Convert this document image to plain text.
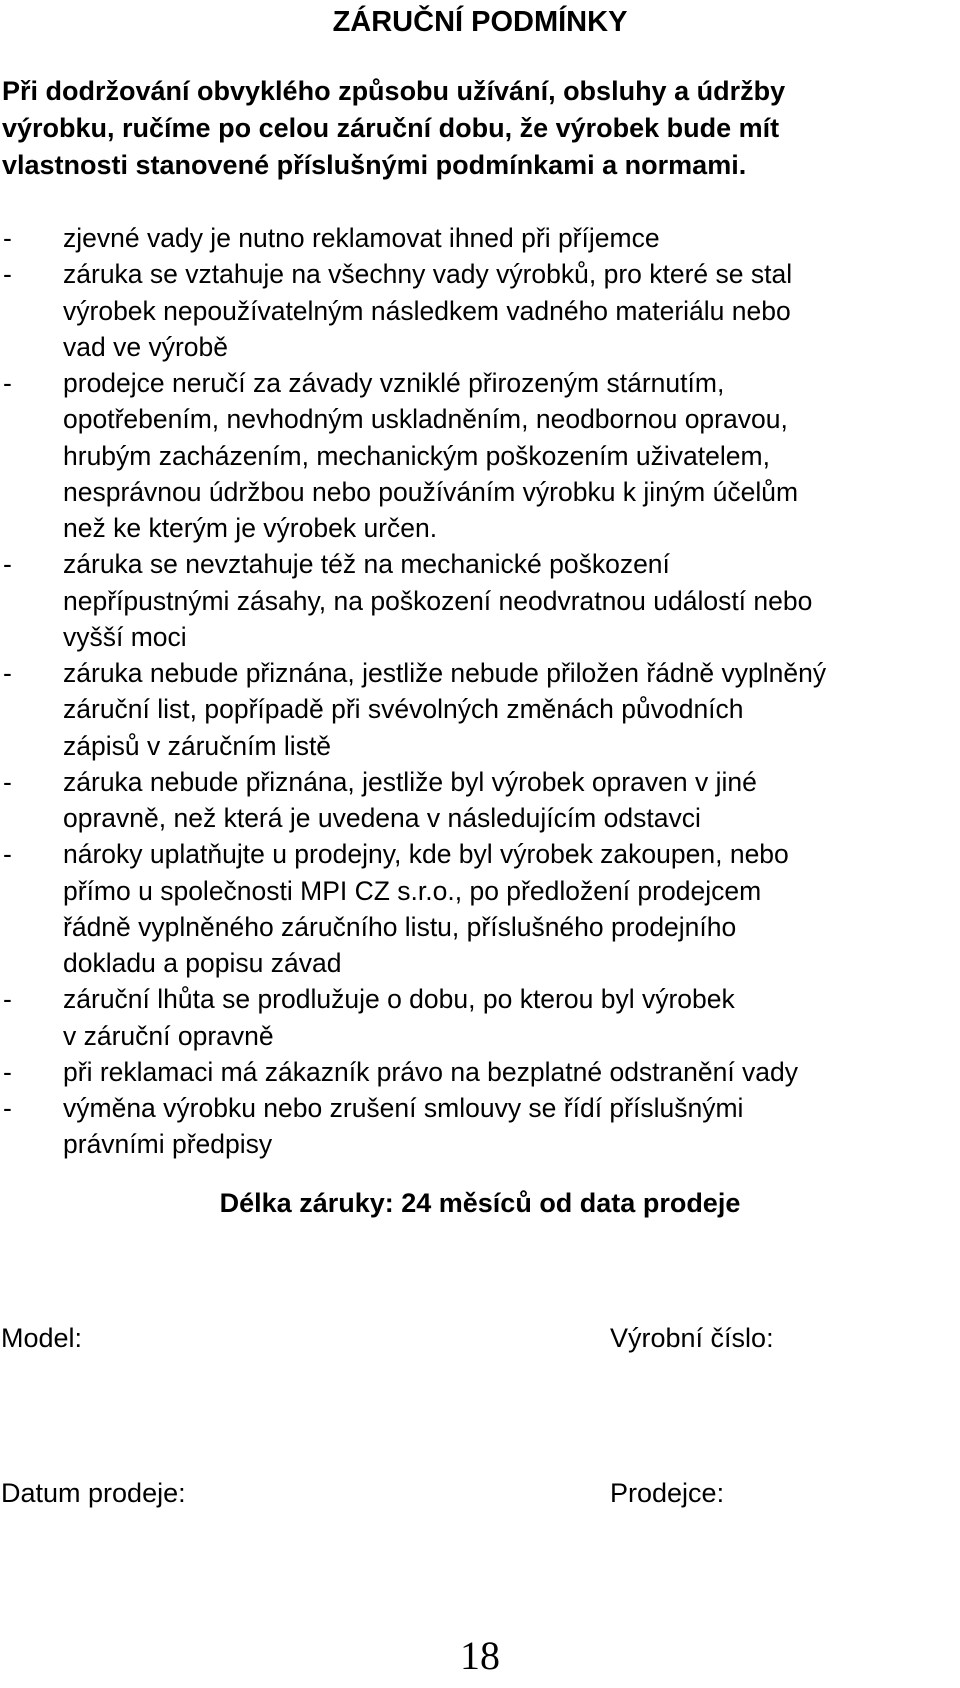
ZÁRUČNÍ PODMÍNKY

Při dodržování obvyklého způsobu užívání, obsluhy a údržby
výrobku, ručíme po celou záruční dobu, že výrobek bude mít
vlastnosti stanovené příslušnými podmínkami a normami.

- zjevné vady je nutno reklamovat ihned při příjemce
- záruka se vztahuje na všechny vady výrobků, pro které se stal
výrobek nepoužívatelným následkem vadného materiálu nebo
vad ve výrobě
- prodejce neručí za závady vzniklé přirozeným stárnutím,
opotřebením, nevhodným uskladněním, neodbornou opravou,
hrubým zacházením, mechanickým poškozením uživatelem,
nesprávnou údržbou nebo používáním výrobku k jiným účelům
než ke kterým je výrobek určen.
- záruka se nevztahuje též na mechanické poškození
nepřípustnými zásahy, na poškození neodvratnou událostí nebo
vyšší moci
- záruka nebude přiznána, jestliže nebude přiložen řádně vyplněný
záruční list, popřípadě při svévolných změnách původních
zápisů v záručním listě
- záruka nebude přiznána, jestliže byl výrobek opraven v jiné
opravně, než která je uvedena v následujícím odstavci
- nároky uplatňujte u prodejny, kde byl výrobek zakoupen, nebo
přímo u společnosti MPI CZ s.r.o., po předložení prodejcem
řádně vyplněného záručního listu, příslušného prodejního
dokladu a popisu závad
- záruční lhůta se prodlužuje o dobu, po kterou byl výrobek
v záruční opravně
- při reklamaci má zákazník právo na bezplatné odstranění vady
- výměna výrobku nebo zrušení smlouvy se řídí příslušnými
právními předpisy

Délka záruky: 24 měsíců od data prodeje

Model:	Výrobní číslo:

Datum prodeje:	Prodejce:

18
